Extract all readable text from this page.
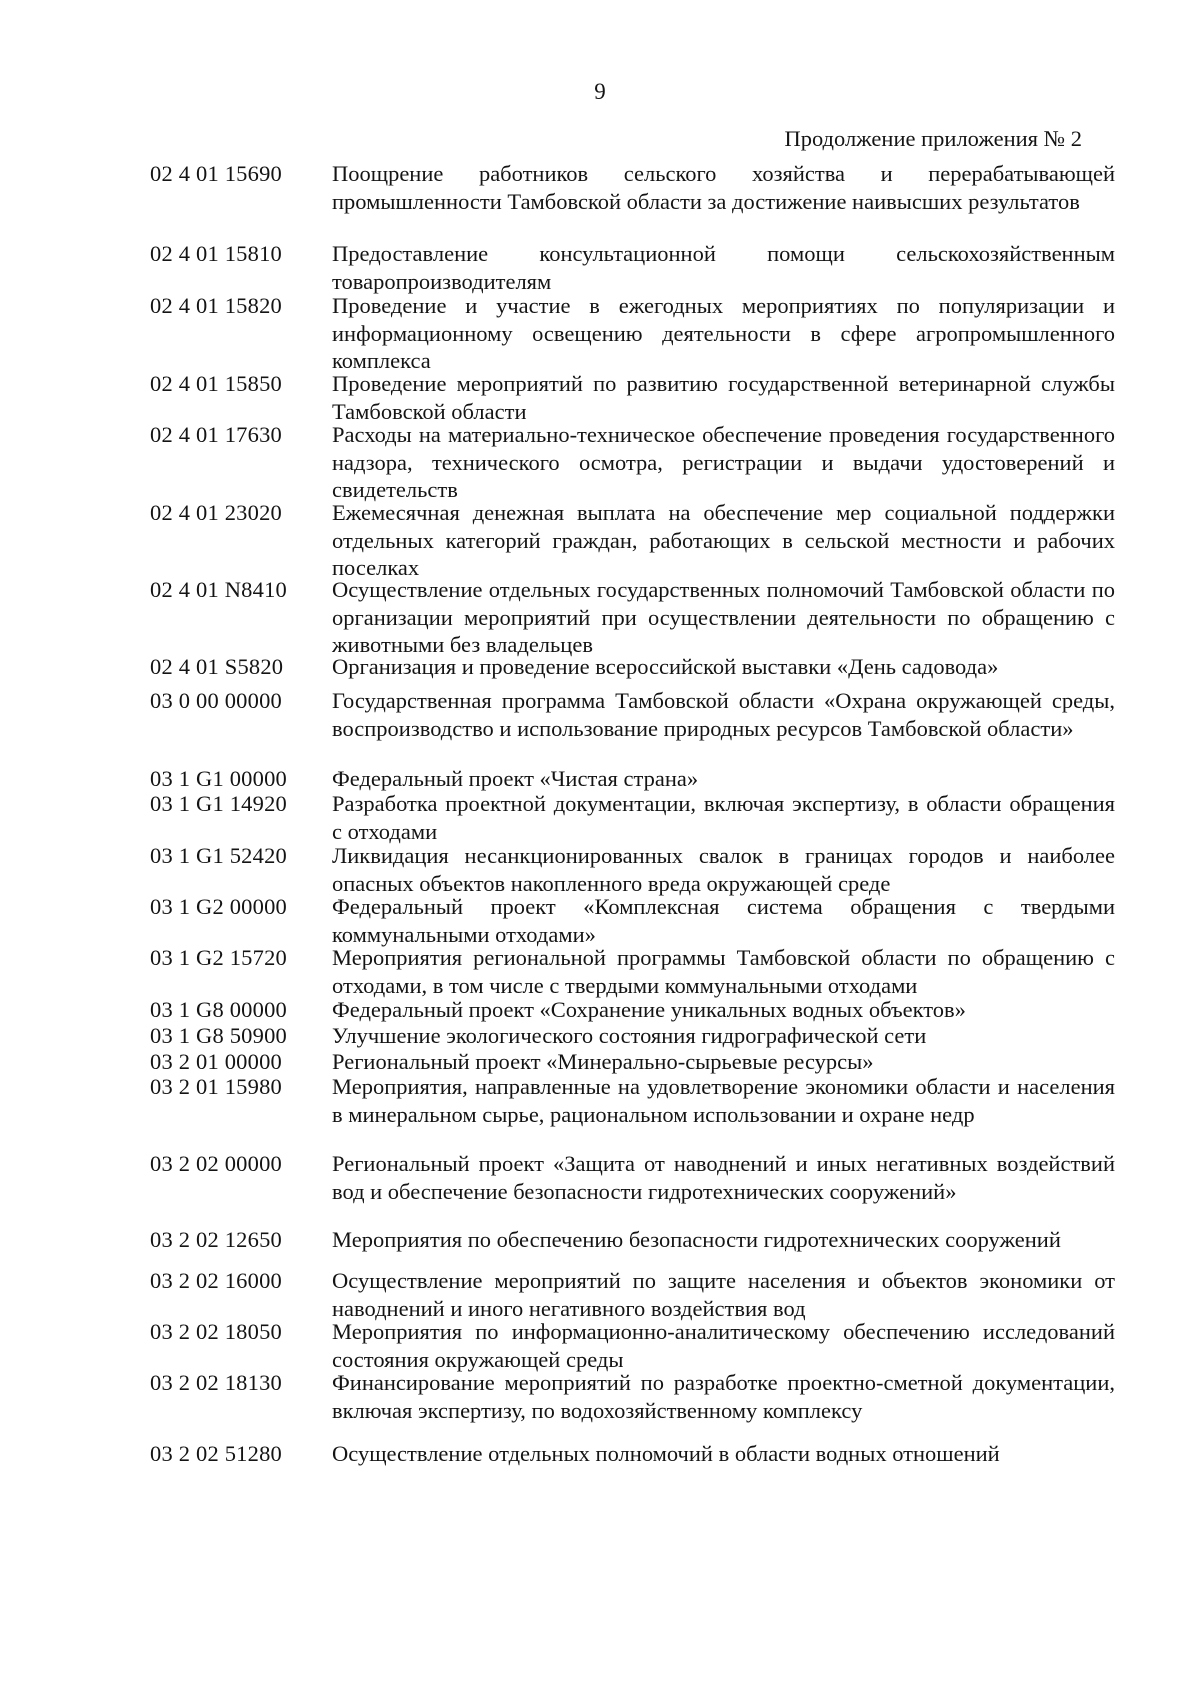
9
Продолжение приложения № 2
02 4 01 15690	Поощрение работников сельского хозяйства и перерабатывающей промышленности Тамбовской области за достижение наивысших результатов
02 4 01 15810	Предоставление консультационной помощи сельскохозяйственным товаропроизводителям
02 4 01 15820	Проведение и участие в ежегодных мероприятиях по популяризации и информационному освещению деятельности в сфере агропромышленного комплекса
02 4 01 15850	Проведение мероприятий по развитию государственной ветеринарной службы Тамбовской области
02 4 01 17630	Расходы на материально-техническое обеспечение проведения государственного надзора, технического осмотра, регистрации и выдачи удостоверений и свидетельств
02 4 01 23020	Ежемесячная денежная выплата на обеспечение мер социальной поддержки отдельных категорий граждан, работающих в сельской местности и рабочих поселках
02 4 01 N8410	Осуществление отдельных государственных полномочий Тамбовской области по организации мероприятий при осуществлении деятельности по обращению с животными без владельцев
02 4 01 S5820	Организация и проведение всероссийской выставки «День садовода»
03 0 00 00000	Государственная программа Тамбовской области «Охрана окружающей среды, воспроизводство и использование природных ресурсов Тамбовской области»
03 1 G1 00000	Федеральный проект «Чистая страна»
03 1 G1 14920	Разработка проектной документации, включая экспертизу, в области обращения с отходами
03 1 G1 52420	Ликвидация несанкционированных свалок в границах городов и наиболее опасных объектов накопленного вреда окружающей среде
03 1 G2 00000	Федеральный проект «Комплексная система обращения с твердыми коммунальными отходами»
03 1 G2 15720	Мероприятия региональной программы Тамбовской области по обращению с отходами, в том числе с твердыми коммунальными отходами
03 1 G8 00000	Федеральный проект «Сохранение уникальных водных объектов»
03 1 G8 50900	Улучшение экологического состояния гидрографической сети
03 2 01 00000	Региональный проект «Минерально-сырьевые ресурсы»
03 2 01 15980	Мероприятия, направленные на удовлетворение экономики области и населения в минеральном сырье, рациональном использовании и охране недр
03 2 02 00000	Региональный проект «Защита от наводнений и иных негативных воздействий вод и обеспечение безопасности гидротехнических сооружений»
03 2 02 12650	Мероприятия по обеспечению безопасности гидротехнических сооружений
03 2 02 16000	Осуществление мероприятий по защите населения и объектов экономики от наводнений и иного негативного воздействия вод
03 2 02 18050	Мероприятия по информационно-аналитическому обеспечению исследований состояния окружающей среды
03 2 02 18130	Финансирование мероприятий по разработке проектно-сметной документации, включая экспертизу, по водохозяйственному комплексу
03 2 02 51280	Осуществление отдельных полномочий в области водных отношений
